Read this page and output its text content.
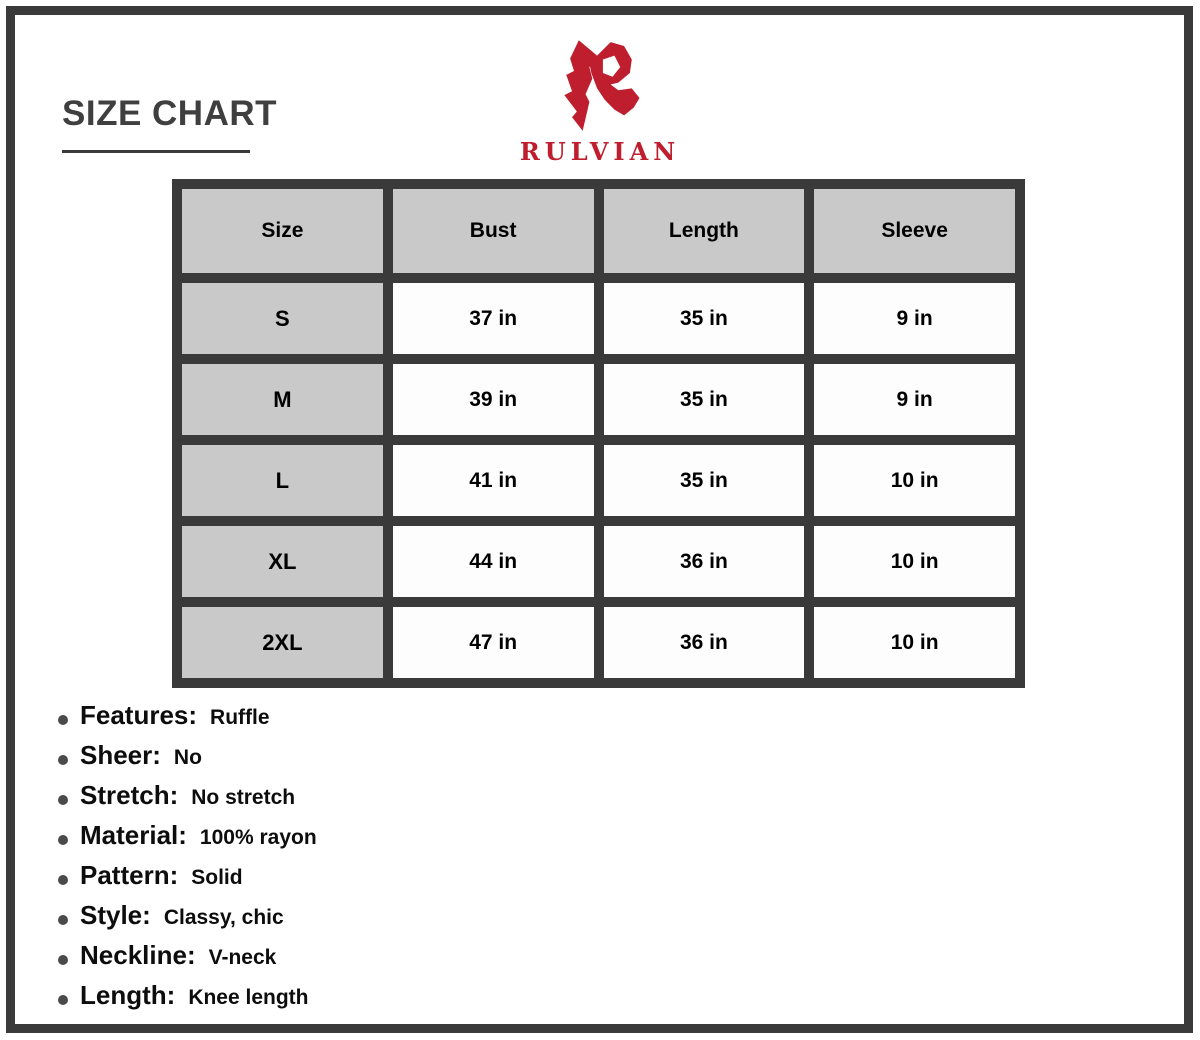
SIZE CHART
RULVIAN
Size	Bust	Length	Sleeve
S	37 in	35 in	9 in
M	39 in	35 in	9 in
L	41 in	35 in	10 in
XL	44 in	36 in	10 in
2XL	47 in	36 in	10 in
Features: Ruffle
Sheer: No
Stretch: No stretch
Material: 100% rayon
Pattern: Solid
Style: Classy, chic
Neckline: V-neck
Length: Knee length
